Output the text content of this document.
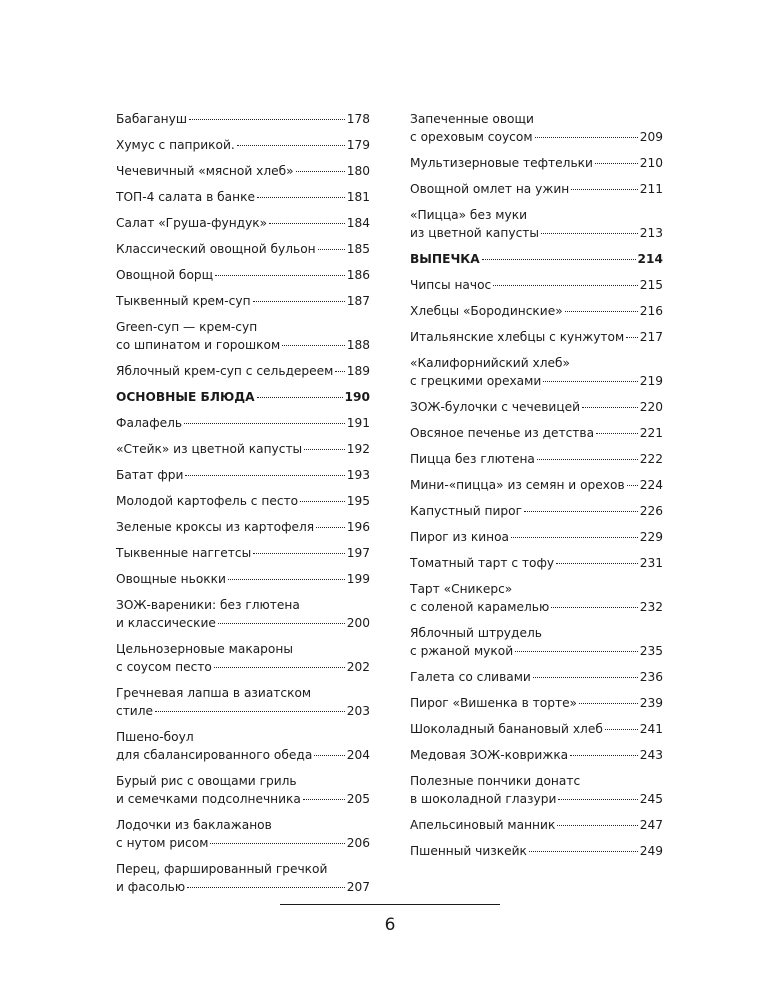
Бабагануш	178
Хумус с паприкой.	179
Чечевичный «мясной хлеб»	180
ТОП-4 салата в банке	181
Салат «Груша-фундук»	184
Классический овощной бульон	185
Овощной борщ	186
Тыквенный крем-суп	187
Green-суп — крем-суп
со шпинатом и горошком	188
Яблочный крем-суп с сельдереем 189
ОСНОВНЫЕ БЛЮДА	190
Фалафель	191
«Стейк» из цветной капусты	192
Батат фри	193
Молодой картофель с песто	195
Зеленые кроксы из картофеля	196
Тыквенные наггетсы	197
Овощные ньокки	199
ЗОЖ-вареники: без глютена
и классические	200
Цельнозерновые макароны
с соусом песто	202
Гречневая лапша в азиатском
стиле	203
Пшено-боул
для сбалансированного обеда	204
Бурый рис с овощами гриль
и семечками подсолнечника	205
Лодочки из баклажанов
с нутом рисом	206
Перец, фаршированный гречкой
и фасолью	207
Запеченные овощи
с ореховым соусом	209
Мультизерновые тефтельки	210
Овощной омлет на ужин	211
«Пицца» без муки
из цветной капусты	213
ВЫПЕЧКА	214
Чипсы начос	215
Хлебцы «Бородинские»	216
Итальянские хлебцы с кунжутом 217
«Калифорнийский хлеб»
с грецкими орехами	219
ЗОЖ-булочки с чечевицей	220
Овсяное печенье из детства	221
Пицца без глютена	222
Мини-«пицца» из семян и орехов 224
Капустный пирог	226
Пирог из киноа	229
Томатный тарт с тофу	231
Тарт «Сникерс»
с соленой карамелью	232
Яблочный штрудель
с ржаной мукой	235
Галета со сливами	236
Пирог «Вишенка в торте»	239
Шоколадный банановый хлеб	241
Медовая ЗОЖ-коврижка	243
Полезные пончики донатс
в шоколадной глазури	245
Апельсиновый манник	247
Пшенный чизкейк	249
6
